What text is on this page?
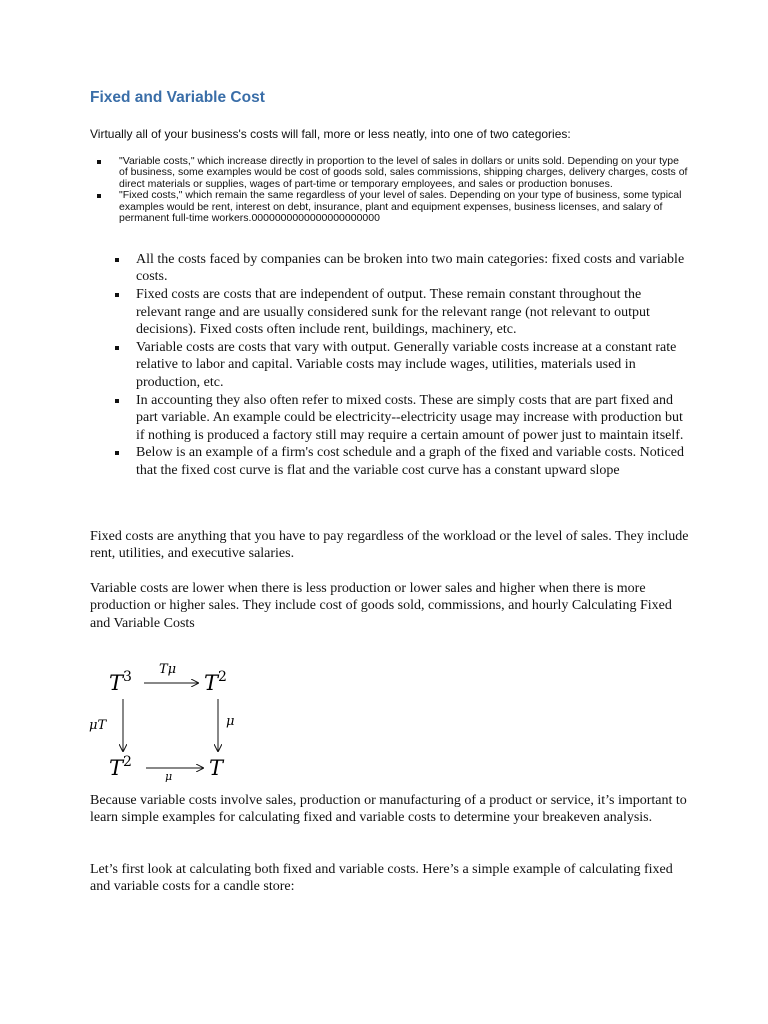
Fixed and Variable Cost

Virtually all of your business's costs will fall, more or less neatly, into one of two categories:

"Variable costs," which increase directly in proportion to the level of sales in dollars or units sold. Depending on your type of business, some examples would be cost of goods sold, sales commissions, shipping charges, delivery charges, costs of direct materials or supplies, wages of part-time or temporary employees, and sales or production bonuses.
"Fixed costs," which remain the same regardless of your level of sales. Depending on your type of business, some typical examples would be rent, interest on debt, insurance, plant and equipment expenses, business licenses, and salary of permanent full-time workers.0000000000000000000000
All the costs faced by companies can be broken into two main categories: fixed costs and variable costs.
Fixed costs are costs that are independent of output. These remain constant throughout the relevant range and are usually considered sunk for the relevant range (not relevant to output decisions). Fixed costs often include rent, buildings, machinery, etc.
Variable costs are costs that vary with output. Generally variable costs increase at a constant rate relative to labor and capital. Variable costs may include wages, utilities, materials used in production, etc.
In accounting they also often refer to mixed costs. These are simply costs that are part fixed and part variable. An example could be electricity--electricity usage may increase with production but if nothing is produced a factory still may require a certain amount of power just to maintain itself.
Below is an example of a firm's cost schedule and a graph of the fixed and variable costs. Noticed that the fixed cost curve is flat and the variable cost curve has a constant upward slope

Fixed costs are anything that you have to pay regardless of the workload or the level of sales. They include rent, utilities, and executive salaries.

Variable costs are lower when there is less production or lower sales and higher when there is more production or higher sales. They include cost of goods sold, commissions, and hourly Calculating Fixed and Variable Costs

$T^3$	$T^2$
$T^2$	T
Tμ
μT	μ
μ

Because variable costs involve sales, production or manufacturing of a product or service, it’s important to learn simple examples for calculating fixed and variable costs to determine your breakeven analysis.

Let’s first look at calculating both fixed and variable costs. Here’s a simple example of calculating fixed and variable costs for a candle store:
